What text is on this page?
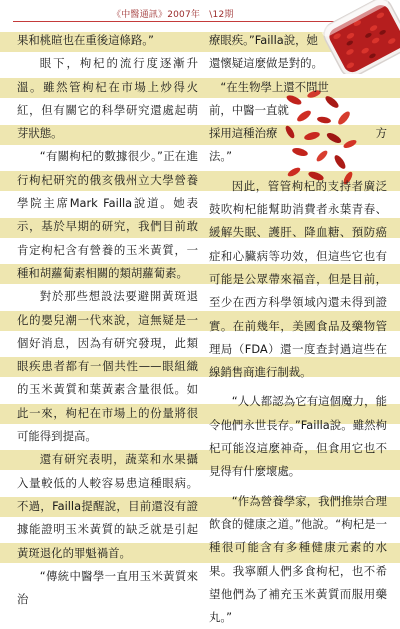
《中醫通訊》2007年　\12期

果和桃暄也在重後這條路。”

眼下，枸杞的流行度逐漸升溫。雖然管枸杞在市場上炒得火紅，但有關它的科學研究還處起萌芽狀態。

“有關枸杞的數據很少。”正在進行枸杞研究的俄亥俄州立大學營養學院主席Mark Failla說道。她表示，基於早期的研究，我們目前敢肯定枸杞含有營養的玉米黃質，一種和胡蘿蔔素相關的類胡蘿蔔素。

對於那些想設法要避開黃斑退化的嬰兒潮一代來說，這無疑是一個好消息，因為有研究發現，此類眼疾患者都有一個共性——眼組織的玉米黃質和葉黃素含量很低。如此一來，枸杞在市場上的份量將很可能得到提高。

還有研究表明，蔬菜和水果攝入量較低的人較容易患這種眼病。不過，Failla提醒說，目前還沒有證據能證明玉米黃質的缺乏就是引起黃斑退化的罪魁禍首。

“傳統中醫學一直用玉米黃質來治

療眼疾。”Failla說，她
還懷疑這麼做是對的。
“在生物學上還不問世
前，中醫一直就
採用這種治療	方
法。”

因此，管管枸杞的支持者廣泛鼓吹枸杞能幫助消費者永葉青春、緩解失眠、護肝、降血糖、預防癌症和心臟病等功效，但這些它也有可能是公眾帶來福音，但是目前，至少在西方科學領域內還未得到證實。在前幾年，美國食品及藥物管理局（FDA）還一度查封過這些在線銷售商進行制裁。

“人人都認為它有這個魔力，能令他們永世長存。”Failla說。雖然枸杞可能沒這麼神奇，但食用它也不見得有什麼壞處。

“作為營養學家，我們推崇合理飲食的健康之道。”他說。“枸杞是一種很可能含有多種健康元素的水果。我寧願人們多食枸杞，也不希望他們為了補充玉米黃質而服用藥丸。”
